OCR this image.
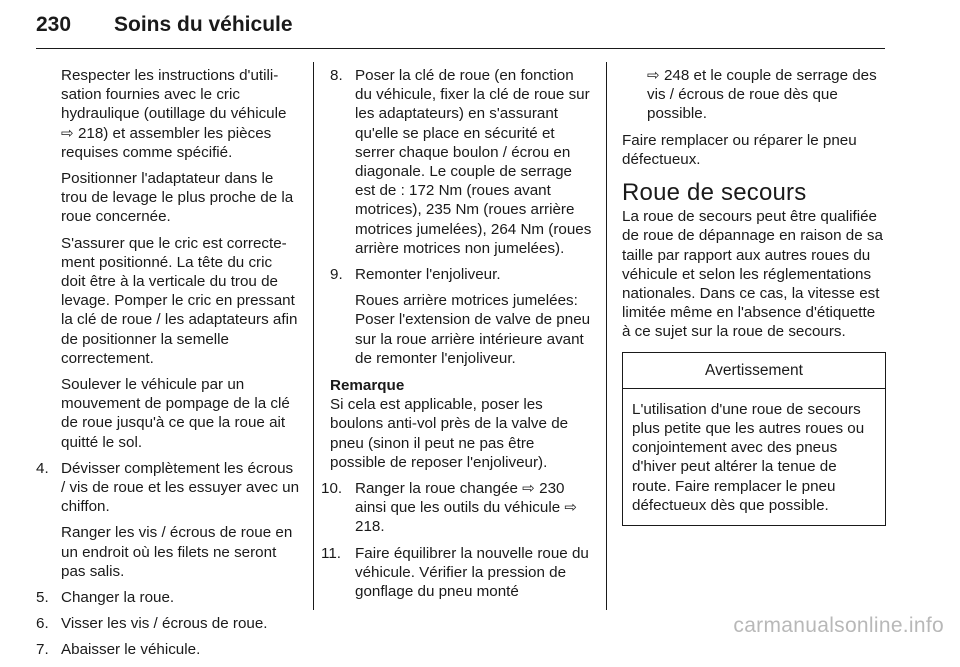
230 Soins du véhicule

Respecter les instructions d'utilisation fournies avec le cric hydraulique (outillage du véhicule ⇨ 218) et assembler les pièces requises comme spécifié.

Positionner l'adaptateur dans le trou de levage le plus proche de la roue concernée.

S'assurer que le cric est correctement positionné. La tête du cric doit être à la verticale du trou de levage. Pomper le cric en pressant la clé de roue / les adaptateurs afin de positionner la semelle correctement.

Soulever le véhicule par un mouvement de pompage de la clé de roue jusqu'à ce que la roue ait quitté le sol.

4. Dévisser complètement les écrous / vis de roue et les essuyer avec un chiffon.

Ranger les vis / écrous de roue en un endroit où les filets ne seront pas salis.

5. Changer la roue.
6. Visser les vis / écrous de roue.
7. Abaisser le véhicule.
8. Poser la clé de roue (en fonction du véhicule, fixer la clé de roue sur les adaptateurs) en s'assurant qu'elle se place en sécurité et serrer chaque boulon / écrou en diagonale. Le couple de serrage est de : 172 Nm (roues avant motrices), 235 Nm (roues arrière motrices jumelées), 264 Nm (roues arrière motrices non jumelées).
9. Remonter l'enjoliveur.

Roues arrière motrices jumelées: Poser l'extension de valve de pneu sur la roue arrière intérieure avant de remonter l'enjoliveur.

Remarque

Si cela est applicable, poser les boulons anti-vol près de la valve de pneu (sinon il peut ne pas être possible de reposer l'enjoliveur).

10. Ranger la roue changée ⇨ 230 ainsi que les outils du véhicule ⇨ 218.
11. Faire équilibrer la nouvelle roue du véhicule. Vérifier la pression de gonflage du pneu monté

⇨ 248 et le couple de serrage des vis / écrous de roue dès que possible.

Faire remplacer ou réparer le pneu défectueux.

Roue de secours

La roue de secours peut être qualifiée de roue de dépannage en raison de sa taille par rapport aux autres roues du véhicule et selon les réglementations nationales. Dans ce cas, la vitesse est limitée même en l'absence d'étiquette à ce sujet sur la roue de secours.

Avertissement
L'utilisation d'une roue de secours plus petite que les autres roues ou conjointement avec des pneus d'hiver peut altérer la tenue de route. Faire remplacer le pneu défectueux dès que possible.
carmanualsonline.info
